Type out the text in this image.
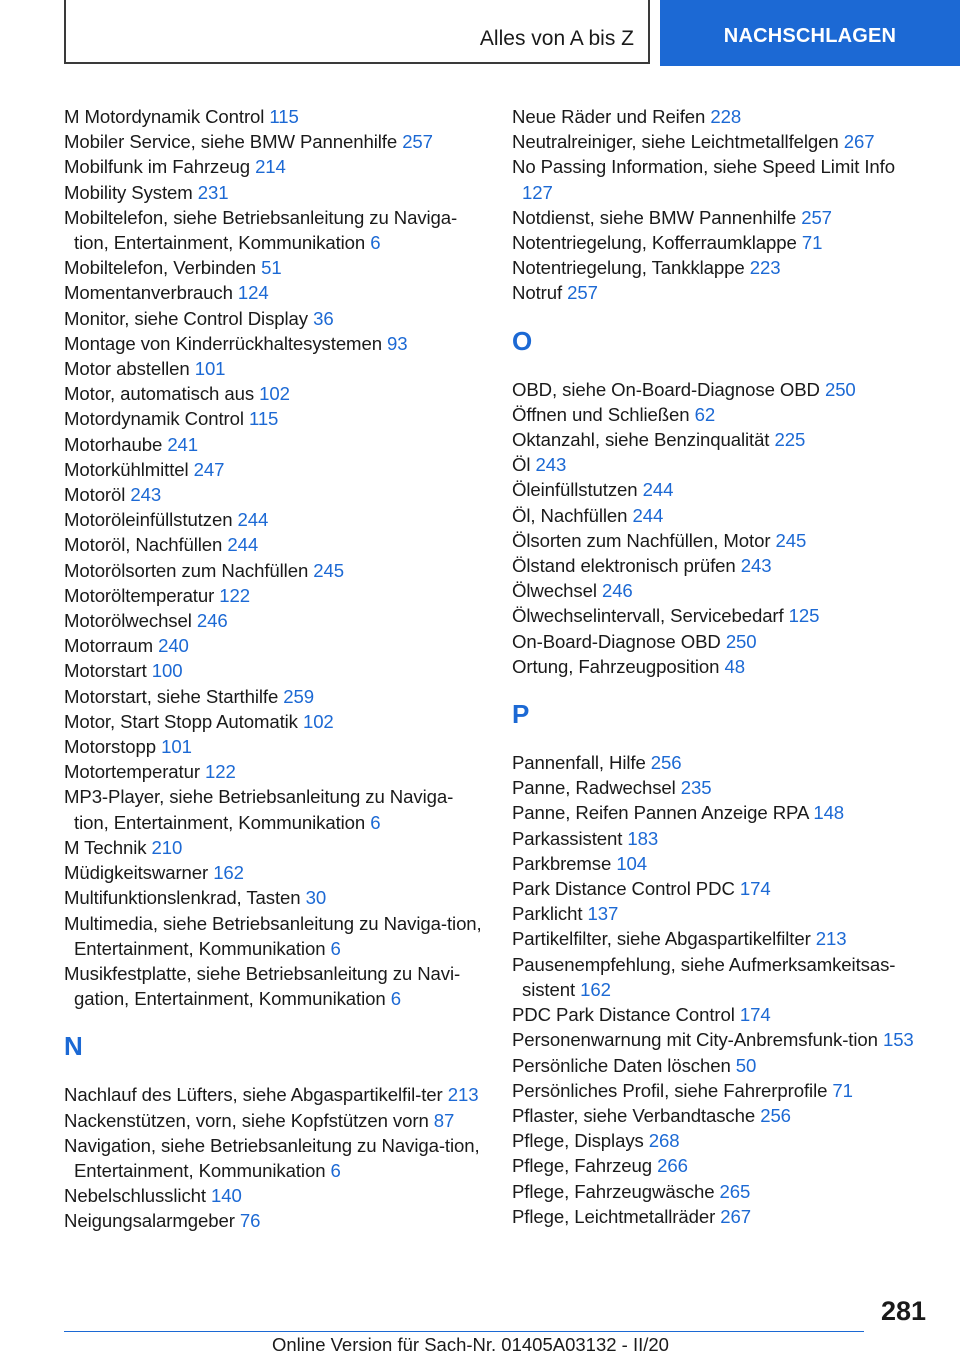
Alles von A bis Z	NACHSCHLAGEN
M Motordynamik Control 115
Mobiler Service, siehe BMW Pannenhilfe 257
Mobilfunk im Fahrzeug 214
Mobility System 231
Mobiltelefon, siehe Betriebsanleitung zu Naviga-tion, Entertainment, Kommunikation 6
Mobiltelefon, Verbinden 51
Momentanverbrauch 124
Monitor, siehe Control Display 36
Montage von Kinderrückhaltesystemen 93
Motor abstellen 101
Motor, automatisch aus 102
Motordynamik Control 115
Motorhaube 241
Motorkühlmittel 247
Motoröl 243
Motoröleinfüllstutzen 244
Motoröl, Nachfüllen 244
Motorölsorten zum Nachfüllen 245
Motoröltemperatur 122
Motorölwechsel 246
Motorraum 240
Motorstart 100
Motorstart, siehe Starthilfe 259
Motor, Start Stopp Automatik 102
Motorstopp 101
Motortemperatur 122
MP3-Player, siehe Betriebsanleitung zu Naviga-tion, Entertainment, Kommunikation 6
M Technik 210
Müdigkeitswarner 162
Multifunktionslenkrad, Tasten 30
Multimedia, siehe Betriebsanleitung zu Naviga-tion, Entertainment, Kommunikation 6
Musikfestplatte, siehe Betriebsanleitung zu Navi-gation, Entertainment, Kommunikation 6
N
Nachlauf des Lüfters, siehe Abgaspartikelfil-ter 213
Nackenstützen, vorn, siehe Kopfstützen vorn 87
Navigation, siehe Betriebsanleitung zu Naviga-tion, Entertainment, Kommunikation 6
Nebelschlusslicht 140
Neigungsalarmgeber 76
Neue Räder und Reifen 228
Neutralreiniger, siehe Leichtmetallfelgen 267
No Passing Information, siehe Speed Limit Info 127
Notdienst, siehe BMW Pannenhilfe 257
Notentriegelung, Kofferraumklappe 71
Notentriegelung, Tankklappe 223
Notruf 257
O
OBD, siehe On-Board-Diagnose OBD 250
Öffnen und Schließen 62
Oktanzahl, siehe Benzinqualität 225
Öl 243
Öleinfüllstutzen 244
Öl, Nachfüllen 244
Ölsorten zum Nachfüllen, Motor 245
Ölstand elektronisch prüfen 243
Ölwechsel 246
Ölwechselintervall, Servicebedarf 125
On-Board-Diagnose OBD 250
Ortung, Fahrzeugposition 48
P
Pannenfall, Hilfe 256
Panne, Radwechsel 235
Panne, Reifen Pannen Anzeige RPA 148
Parkassistent 183
Parkbremse 104
Park Distance Control PDC 174
Parklicht 137
Partikelfilter, siehe Abgaspartikelfilter 213
Pausenempfehlung, siehe Aufmerksamkeitsas-sistent 162
PDC Park Distance Control 174
Personenwarnung mit City-Anbremsfunk-tion 153
Persönliche Daten löschen 50
Persönliches Profil, siehe Fahrerprofile 71
Pflaster, siehe Verbandtasche 256
Pflege, Displays 268
Pflege, Fahrzeug 266
Pflege, Fahrzeugwäsche 265
Pflege, Leichtmetallräder 267
281
Online Version für Sach-Nr. 01405A03132 - II/20
